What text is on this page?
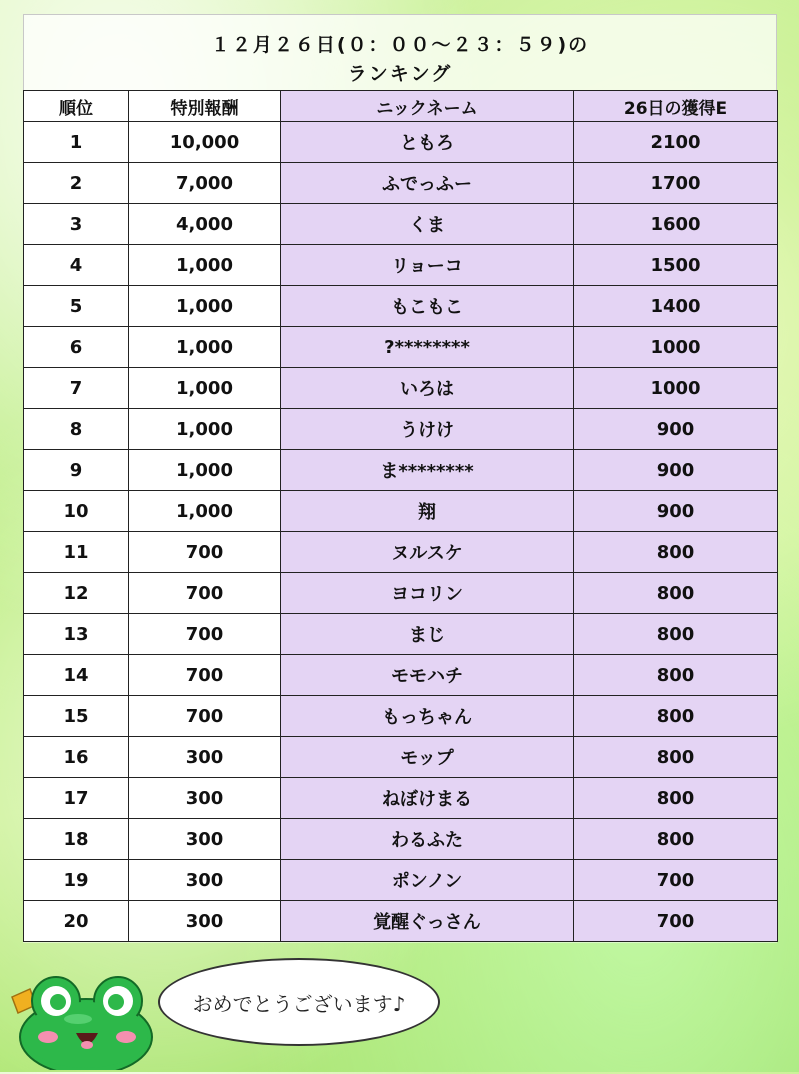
１２月２６日(０：００〜２３：５９)の
ランキング
順位	特別報酬	ニックネーム	26日の獲得E
1	10,000	ともろ	2100
2	7,000	ふでっふー	1700
3	4,000	くま	1600
4	1,000	リョーコ	1500
5	1,000	もこもこ	1400
6	1,000	?********	1000
7	1,000	いろは	1000
8	1,000	うけけ	900
9	1,000	ま********	900
10	1,000	翔	900
11	700	ヌルスケ	800
12	700	ヨコリン	800
13	700	まじ	800
14	700	モモハチ	800
15	700	もっちゃん	800
16	300	モップ	800
17	300	ねぼけまる	800
18	300	わるふた	800
19	300	ポンノン	700
20	300	覚醒ぐっさん	700
おめでとうございます♪
